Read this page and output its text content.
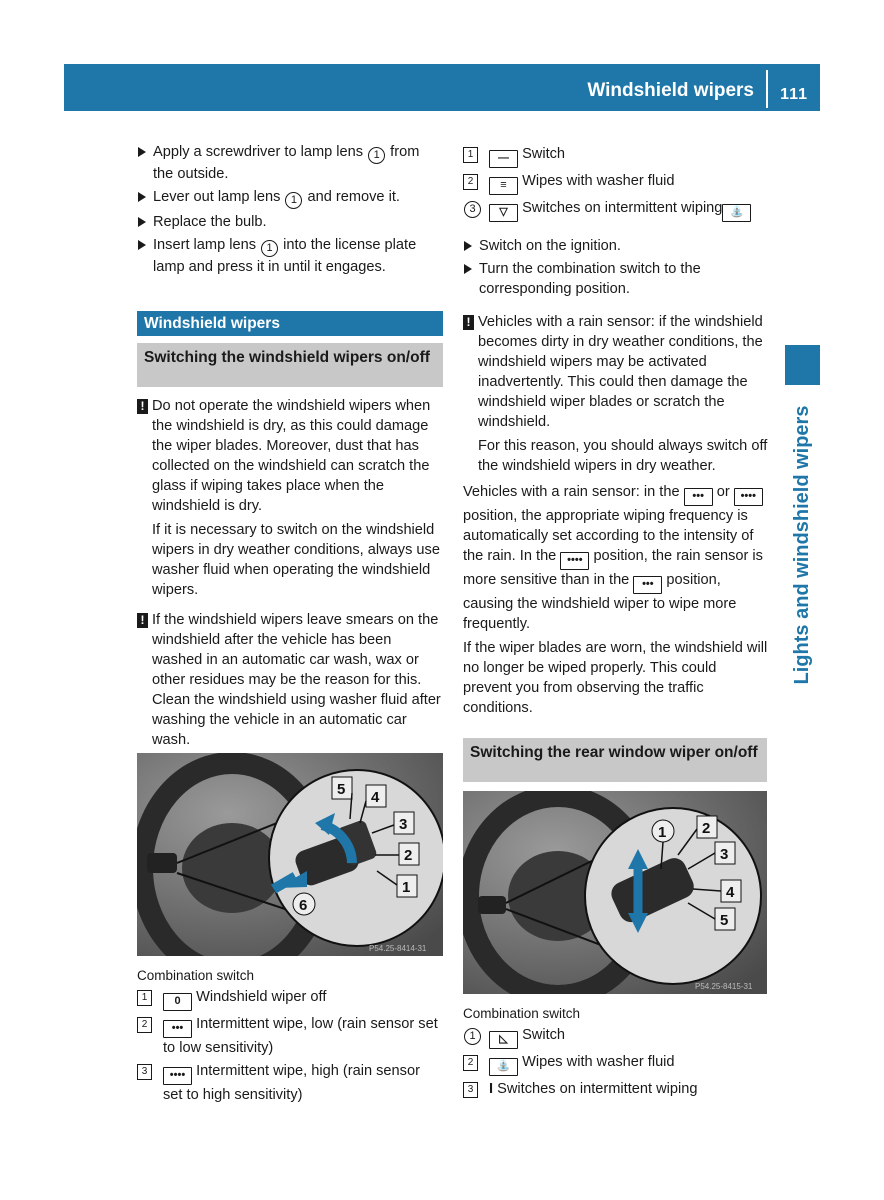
Windshield wipers 111
Lights and windshield wipers

Apply a screwdriver to lamp lens 1 from the outside.

Lever out lamp lens 1 and remove it.

Replace the bulb.

Insert lamp lens 1 into the license plate lamp and press it in until it engages.

Windshield wipers
Switching the windshield wipers on/off
! Do not operate the windshield wipers when the windshield is dry, as this could damage the wiper blades. Moreover, dust that has collected on the windshield can scratch the glass if wiping takes place when the windshield is dry.

If it is necessary to switch on the windshield wipers in dry weather conditions, always use washer fluid when operating the windshield wipers.

! If the windshield wipers leave smears on the windshield after the vehicle has been washed in an automatic car wash, wax or other residues may be the reason for this. Clean the windshield using washer fluid after washing the vehicle in an automatic car wash.

5 4
3
2
1
6
P54.25-8414-31
Combination switch
1	0 Windshield wiper off
2	••• Intermittent wipe, low (rain sensor set to low sensitivity)
3	•••• Intermittent wipe, high (rain sensor set to high sensitivity)
1	— Switch
2	≡ Wipes with washer fluid
3	▽ Switches on intermittent wiping ⛲

Switch on the ignition.

Turn the combination switch to the corresponding position.

! Vehicles with a rain sensor: if the windshield becomes dirty in dry weather conditions, the windshield wipers may be activated inadvertently. This could then damage the windshield wiper blades or scratch the windshield.

For this reason, you should always switch off the windshield wipers in dry weather.

Vehicles with a rain sensor: in the ••• or •••• position, the appropriate wiping frequency is automatically set according to the intensity of the rain. In the •••• position, the rain sensor is more sensitive than in the ••• position, causing the windshield wiper to wipe more frequently.

If the wiper blades are worn, the windshield will no longer be wiped properly. This could prevent you from observing the traffic conditions.

Switching the rear window wiper on/off
1 2
3
4
5
P54.25-8415-31
Combination switch
1	◺ Switch
2	⛲ Wipes with washer fluid
3	I Switches on intermittent wiping
